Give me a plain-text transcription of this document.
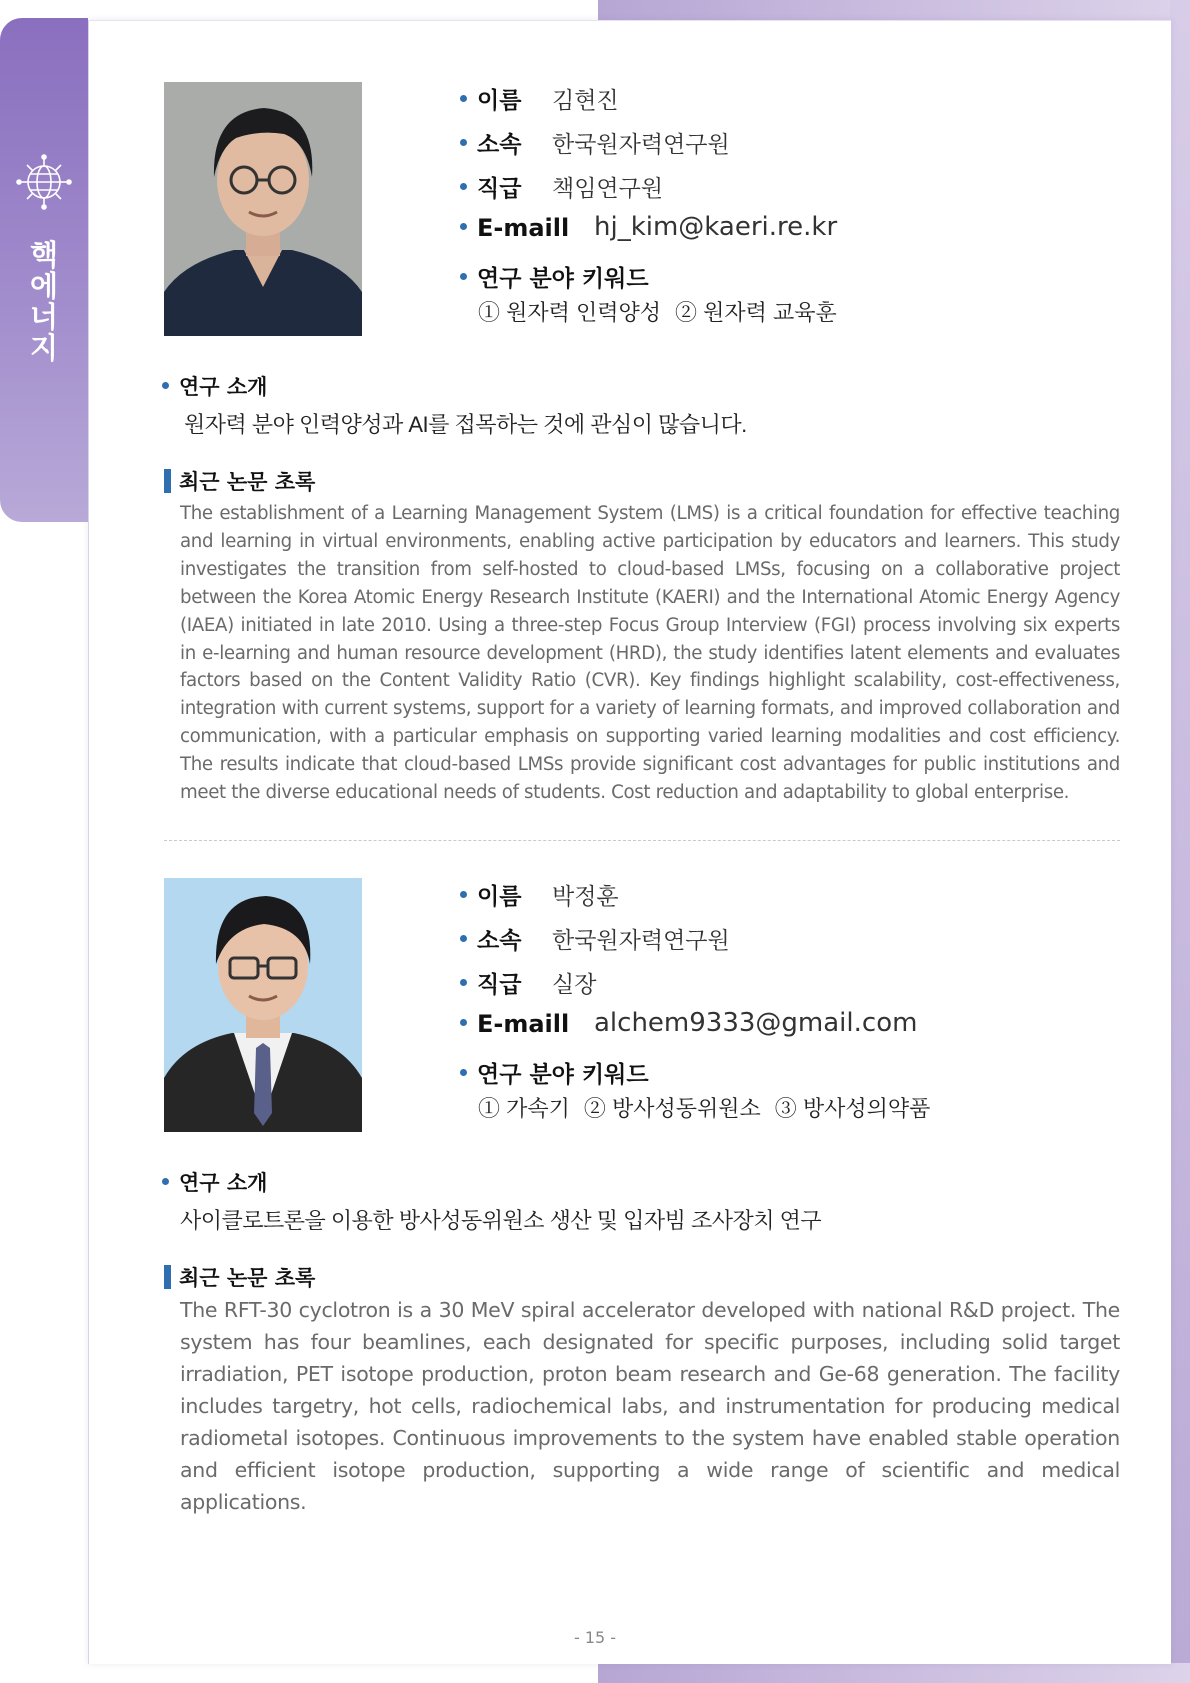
핵
에
너
지
이름 김현진
소속 한국원자력연구원
직급 책임연구원
E-maill hj_kim@kaeri.re.kr
연구 분야 키워드
① 원자력 인력양성 ② 원자력 교육훈
연구 소개
원자력 분야 인력양성과 AI를 접목하는 것에 관심이 많습니다.
최근 논문 초록
The establishment of a Learning Management System (LMS) is a critical foundation for effective teaching and learning in virtual environments, enabling active participation by educators and learners. This study investigates the transition from self-hosted to cloud-based LMSs, focusing on a collaborative project between the Korea Atomic Energy Research Institute (KAERI) and the International Atomic Energy Agency (IAEA) initiated in late 2010. Using a three-step Focus Group Interview (FGI) process involving six experts in e-learning and human resource development (HRD), the study identifies latent elements and evaluates factors based on the Content Validity Ratio (CVR). Key findings highlight scalability, cost-effectiveness, integration with current systems, support for a variety of learning formats, and improved collaboration and communication, with a particular emphasis on supporting varied learning modalities and cost efficiency. The results indicate that cloud-based LMSs provide significant cost advantages for public institutions and meet the diverse educational needs of students. Cost reduction and adaptability to global enterprise.
이름 박정훈
소속 한국원자력연구원
직급 실장
E-maill alchem9333@gmail.com
연구 분야 키워드
① 가속기 ② 방사성동위원소 ③ 방사성의약품
연구 소개
사이클로트론을 이용한 방사성동위원소 생산 및 입자빔 조사장치 연구
최근 논문 초록
The RFT-30 cyclotron is a 30 MeV spiral accelerator developed with national R&D project. The system has four beamlines, each designated for specific purposes, including solid target irradiation, PET isotope production, proton beam research and Ge-68 generation. The facility includes targetry, hot cells, radiochemical labs, and instrumentation for producing medical radiometal isotopes. Continuous improvements to the system have enabled stable operation and efficient isotope production, supporting a wide range of scientific and medical applications.
- 15 -
